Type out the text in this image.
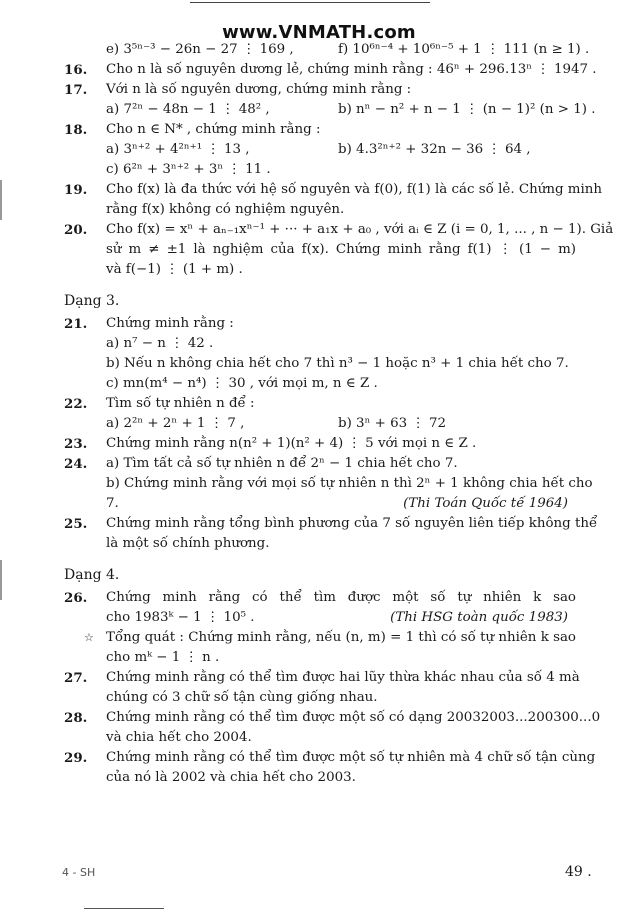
www.VNMATH.com
e) 3⁵ⁿ⁻³ − 26n − 27 ⋮ 169 ,	f) 10⁶ⁿ⁻⁴ + 10⁶ⁿ⁻⁵ + 1 ⋮ 111 (n ≥ 1) .
16. Cho n là số nguyên dương lẻ, chứng minh rằng : 46ⁿ + 296.13ⁿ ⋮ 1947 .
17. Với n là số nguyên dương, chứng minh rằng :
a) 7²ⁿ − 48n − 1 ⋮ 48² ,	b) nⁿ − n² + n − 1 ⋮ (n − 1)² (n > 1) .
18. Cho n ∈ N* , chứng minh rằng :
a) 3ⁿ⁺² + 4²ⁿ⁺¹ ⋮ 13 ,	b) 4.3²ⁿ⁺² + 32n − 36 ⋮ 64 ,
c) 6²ⁿ + 3ⁿ⁺² + 3ⁿ ⋮ 11 .
19. Cho f(x) là đa thức với hệ số nguyên và f(0), f(1) là các số lẻ. Chứng minh
rằng f(x) không có nghiệm nguyên.
20. Cho f(x) = xⁿ + aₙ₋₁xⁿ⁻¹ + ··· + a₁x + a₀ , với aᵢ ∈ Z (i = 0, 1, ... , n − 1). Giả
sử m ≠ ±1 là nghiệm của f(x). Chứng minh rằng f(1) ⋮ (1 − m)
và f(−1) ⋮ (1 + m) .
Dạng 3.
21. Chứng minh rằng :
a) n⁷ − n ⋮ 42 .
b) Nếu n không chia hết cho 7 thì n³ − 1 hoặc n³ + 1 chia hết cho 7.
c) mn(m⁴ − n⁴) ⋮ 30 , với mọi m, n ∈ Z .
22. Tìm số tự nhiên n để :
a) 2²ⁿ + 2ⁿ + 1 ⋮ 7 ,	b) 3ⁿ + 63 ⋮ 72
23. Chứng minh rằng n(n² + 1)(n² + 4) ⋮ 5 với mọi n ∈ Z .
24. a) Tìm tất cả số tự nhiên n để 2ⁿ − 1 chia hết cho 7.
b) Chứng minh rằng với mọi số tự nhiên n thì 2ⁿ + 1 không chia hết cho
7.	(Thi Toán Quốc tế 1964)
25. Chứng minh rằng tổng bình phương của 7 số nguyên liên tiếp không thể
là một số chính phương.
Dạng 4.
26. Chứng minh rằng có thể tìm được một số tự nhiên k sao
cho 1983ᵏ − 1 ⋮ 10⁵ .	(Thi HSG toàn quốc 1983)
☆ Tổng quát : Chứng minh rằng, nếu (n, m) = 1 thì có số tự nhiên k sao
cho mᵏ − 1 ⋮ n .
27. Chứng minh rằng có thể tìm được hai lũy thừa khác nhau của số 4 mà
chúng có 3 chữ số tận cùng giống nhau.
28. Chứng minh rằng có thể tìm được một số có dạng 20032003...200300...0
và chia hết cho 2004.
29. Chứng minh rằng có thể tìm được một số tự nhiên mà 4 chữ số tận cùng
của nó là 2002 và chia hết cho 2003.
4 - SH	49 .
